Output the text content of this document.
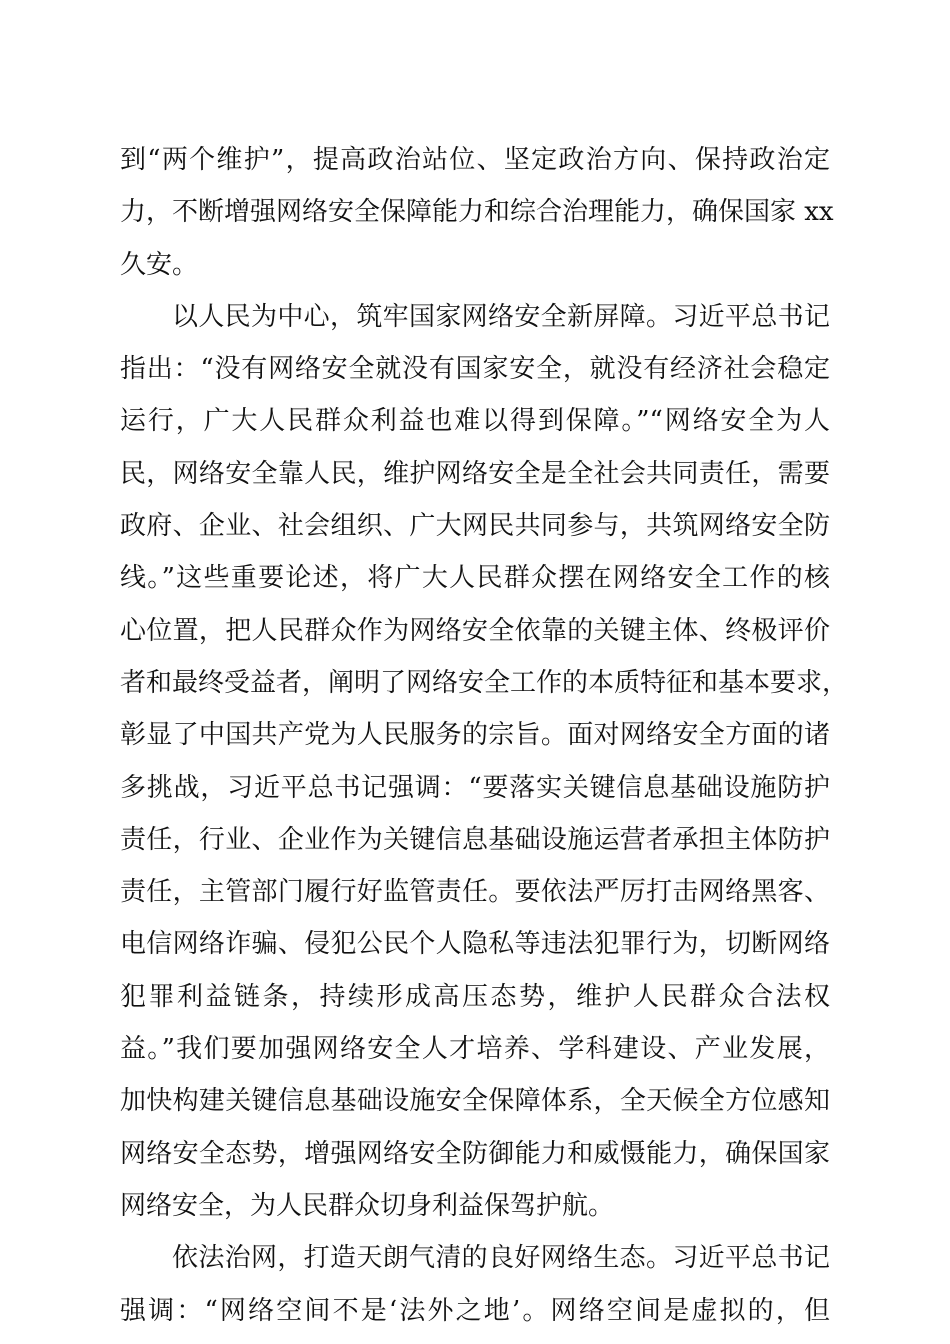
到“两个维护”，提高政治站位、坚定政治方向、保持政治定
力，不断增强网络安全保障能力和综合治理能力，确保国家 xx
久安。
以人民为中心，筑牢国家网络安全新屏障。习近平总书记
指出：“没有网络安全就没有国家安全，就没有经济社会稳定
运行，广大人民群众利益也难以得到保障。”“网络安全为人
民，网络安全靠人民，维护网络安全是全社会共同责任，需要
政府、企业、社会组织、广大网民共同参与，共筑网络安全防
线。”这些重要论述，将广大人民群众摆在网络安全工作的核
心位置，把人民群众作为网络安全依靠的关键主体、终极评价
者和最终受益者，阐明了网络安全工作的本质特征和基本要求，
彰显了中国共产党为人民服务的宗旨。面对网络安全方面的诸
多挑战，习近平总书记强调：“要落实关键信息基础设施防护
责任，行业、企业作为关键信息基础设施运营者承担主体防护
责任，主管部门履行好监管责任。要依法严厉打击网络黑客、
电信网络诈骗、侵犯公民个人隐私等违法犯罪行为，切断网络
犯罪利益链条，持续形成高压态势，维护人民群众合法权
益。”我们要加强网络安全人才培养、学科建设、产业发展，
加快构建关键信息基础设施安全保障体系，全天候全方位感知
网络安全态势，增强网络安全防御能力和威慑能力，确保国家
网络安全，为人民群众切身利益保驾护航。
依法治网，打造天朗气清的良好网络生态。习近平总书记
强调：“网络空间不是‘法外之地’。网络空间是虚拟的，但
